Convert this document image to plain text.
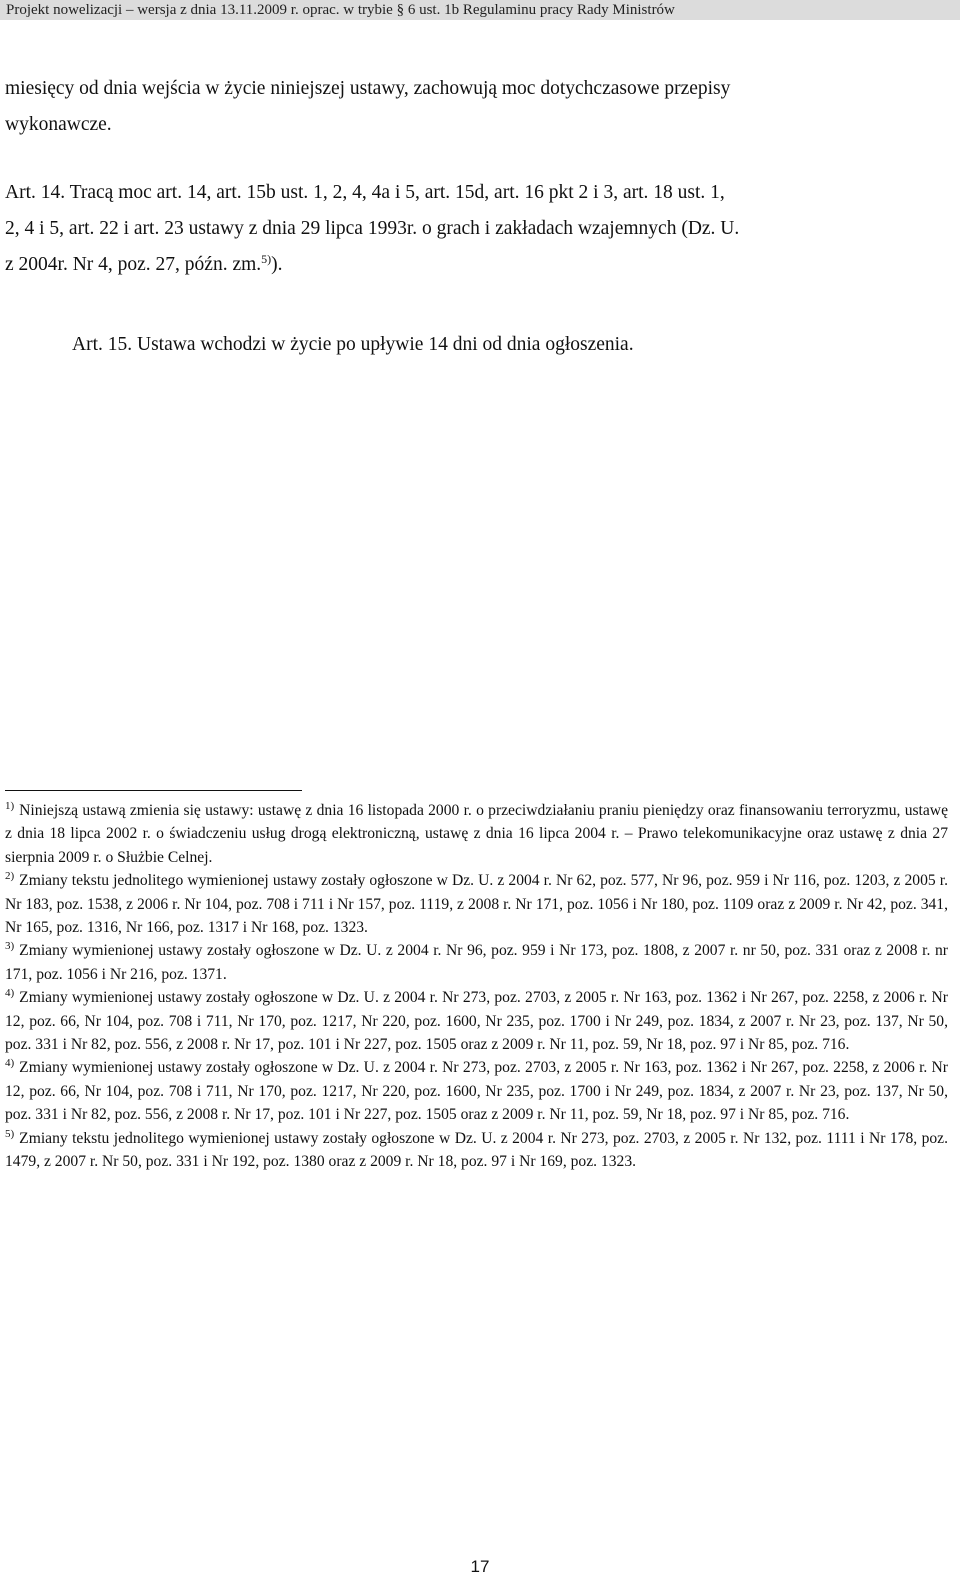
Projekt nowelizacji – wersja z dnia 13.11.2009 r. oprac. w trybie § 6 ust. 1b Regulaminu pracy Rady Ministrów
miesięcy od dnia wejścia w życie niniejszej ustawy, zachowują moc dotychczasowe przepisy
wykonawcze.
Art. 14. Tracą moc art. 14, art. 15b ust. 1, 2, 4, 4a i 5, art. 15d, art. 16 pkt 2 i 3, art. 18 ust. 1,
2, 4 i 5, art. 22 i art. 23 ustawy z dnia 29 lipca 1993r. o grach i zakładach wzajemnych (Dz. U.
z 2004r. Nr 4, poz. 27, późn. zm.$^{5)}$).
Art. 15. Ustawa wchodzi w życie po upływie 14 dni od dnia ogłoszenia.

$^{1)}$ Niniejszą ustawą zmienia się ustawy: ustawę z dnia 16 listopada 2000 r. o przeciwdziałaniu praniu pieniędzy oraz finansowaniu terroryzmu, ustawę z dnia 18 lipca 2002 r. o świadczeniu usług drogą elektroniczną, ustawę z dnia 16 lipca 2004 r. – Prawo telekomunikacyjne oraz ustawę z dnia 27 sierpnia 2009 r. o Służbie Celnej.

$^{2)}$ Zmiany tekstu jednolitego wymienionej ustawy zostały ogłoszone w Dz. U. z 2004 r. Nr 62, poz. 577, Nr 96, poz. 959 i Nr 116, poz. 1203, z 2005 r. Nr 183, poz. 1538, z 2006 r. Nr 104, poz. 708 i 711 i Nr 157, poz. 1119, z 2008 r. Nr 171, poz. 1056 i Nr 180, poz. 1109 oraz z 2009 r. Nr 42, poz. 341, Nr 165, poz. 1316, Nr 166, poz. 1317 i Nr 168, poz. 1323.

$^{3)}$ Zmiany wymienionej ustawy zostały ogłoszone w Dz. U. z 2004 r. Nr 96, poz. 959 i Nr 173, poz. 1808, z 2007 r. nr 50, poz. 331 oraz z 2008 r. nr 171, poz. 1056 i Nr 216, poz. 1371.

$^{4)}$ Zmiany wymienionej ustawy zostały ogłoszone w Dz. U. z 2004 r. Nr 273, poz. 2703, z 2005 r. Nr 163, poz. 1362 i Nr 267, poz. 2258, z 2006 r. Nr 12, poz. 66, Nr 104, poz. 708 i 711, Nr 170, poz. 1217, Nr 220, poz. 1600, Nr 235, poz. 1700 i Nr 249, poz. 1834, z 2007 r. Nr 23, poz. 137, Nr 50, poz. 331 i Nr 82, poz. 556, z 2008 r. Nr 17, poz. 101 i Nr 227, poz. 1505 oraz z 2009 r. Nr 11, poz. 59, Nr 18, poz. 97 i Nr 85, poz. 716.

$^{4)}$ Zmiany wymienionej ustawy zostały ogłoszone w Dz. U. z 2004 r. Nr 273, poz. 2703, z 2005 r. Nr 163, poz. 1362 i Nr 267, poz. 2258, z 2006 r. Nr 12, poz. 66, Nr 104, poz. 708 i 711, Nr 170, poz. 1217, Nr 220, poz. 1600, Nr 235, poz. 1700 i Nr 249, poz. 1834, z 2007 r. Nr 23, poz. 137, Nr 50, poz. 331 i Nr 82, poz. 556, z 2008 r. Nr 17, poz. 101 i Nr 227, poz. 1505 oraz z 2009 r. Nr 11, poz. 59, Nr 18, poz. 97 i Nr 85, poz. 716.

$^{5)}$ Zmiany tekstu jednolitego wymienionej ustawy zostały ogłoszone w Dz. U. z 2004 r. Nr 273, poz. 2703, z 2005 r. Nr 132, poz. 1111 i Nr 178, poz. 1479, z 2007 r. Nr 50, poz. 331 i Nr 192, poz. 1380 oraz z 2009 r. Nr 18, poz. 97 i Nr 169, poz. 1323.

17
